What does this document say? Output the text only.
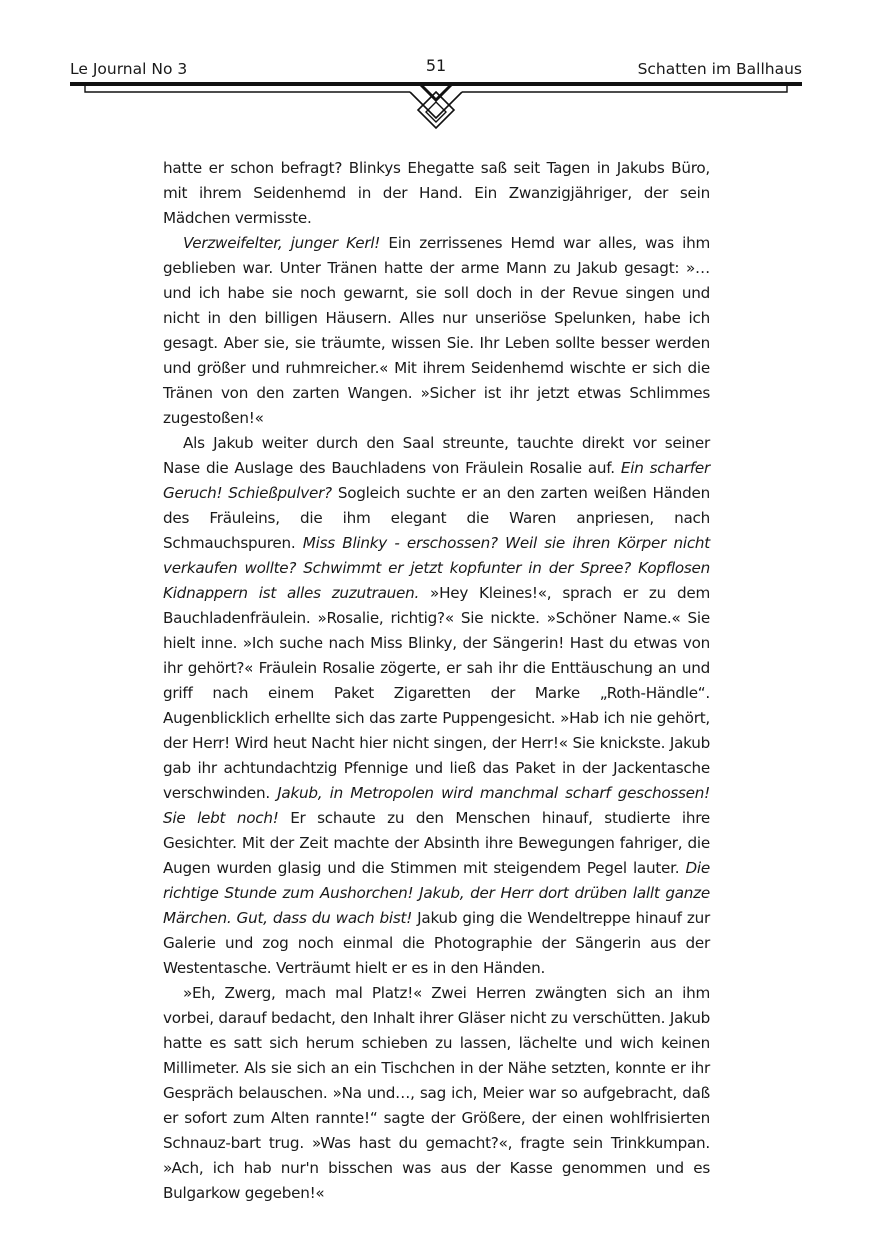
Le Journal No 3	51	Schatten im Ballhaus

hatte er schon befragt? Blinkys Ehegatte saß seit Tagen in Jakubs Büro, mit ihrem Seidenhemd in der Hand. Ein Zwanzigjähriger, der sein Mädchen vermisste.

Verzweifelter, junger Kerl! Ein zerrissenes Hemd war alles, was ihm geblieben war. Unter Tränen hatte der arme Mann zu Jakub gesagt: »…und ich habe sie noch gewarnt, sie soll doch in der Revue singen und nicht in den billigen Häusern. Alles nur unseriöse Spelunken, habe ich gesagt. Aber sie, sie träumte, wissen Sie. Ihr Leben sollte besser werden und größer und ruhmreicher.« Mit ihrem Seidenhemd wischte er sich die Tränen von den zarten Wangen. »Sicher ist ihr jetzt etwas Schlimmes zugestoßen!«

Als Jakub weiter durch den Saal streunte, tauchte direkt vor seiner Nase die Auslage des Bauchladens von Fräulein Rosalie auf. Ein scharfer Geruch! Schießpulver? Sogleich suchte er an den zarten weißen Händen des Fräuleins, die ihm elegant die Waren anpriesen, nach Schmauchspuren. Miss Blinky - erschossen? Weil sie ihren Körper nicht verkaufen wollte? Schwimmt er jetzt kopfunter in der Spree? Kopflosen Kidnappern ist alles zuzutrauen. »Hey Kleines!«, sprach er zu dem Bauchladenfräulein. »Rosalie, richtig?« Sie nickte. »Schöner Name.« Sie hielt inne. »Ich suche nach Miss Blinky, der Sängerin! Hast du etwas von ihr gehört?« Fräulein Rosalie zögerte, er sah ihr die Enttäuschung an und griff nach einem Paket Zigaretten der Marke „Roth-Händle“. Augenblicklich erhellte sich das zarte Puppengesicht. »Hab ich nie gehört, der Herr! Wird heut Nacht hier nicht singen, der Herr!« Sie knickste. Jakub gab ihr achtundachtzig Pfennige und ließ das Paket in der Jackentasche verschwinden. Jakub, in Metropolen wird manchmal scharf geschossen! Sie lebt noch! Er schaute zu den Menschen hinauf, studierte ihre Gesichter. Mit der Zeit machte der Absinth ihre Bewegungen fahriger, die Augen wurden glasig und die Stimmen mit steigendem Pegel lauter. Die richtige Stunde zum Aushorchen! Jakub, der Herr dort drüben lallt ganze Märchen. Gut, dass du wach bist! Jakub ging die Wendeltreppe hinauf zur Galerie und zog noch einmal die Photographie der Sängerin aus der Westentasche. Verträumt hielt er es in den Händen.

»Eh, Zwerg, mach mal Platz!« Zwei Herren zwängten sich an ihm vorbei, darauf bedacht, den Inhalt ihrer Gläser nicht zu verschütten. Jakub hatte es satt sich herum schieben zu lassen, lächelte und wich keinen Millimeter. Als sie sich an ein Tischchen in der Nähe setzten, konnte er ihr Gespräch belauschen. »Na und…, sag ich, Meier war so aufgebracht, daß er sofort zum Alten rannte!“ sagte der Größere, der einen wohlfrisierten Schnauz-bart trug. »Was hast du gemacht?«, fragte sein Trinkkumpan. »Ach, ich hab nur'n bisschen was aus der Kasse genommen und es Bulgarkow gegeben!«
